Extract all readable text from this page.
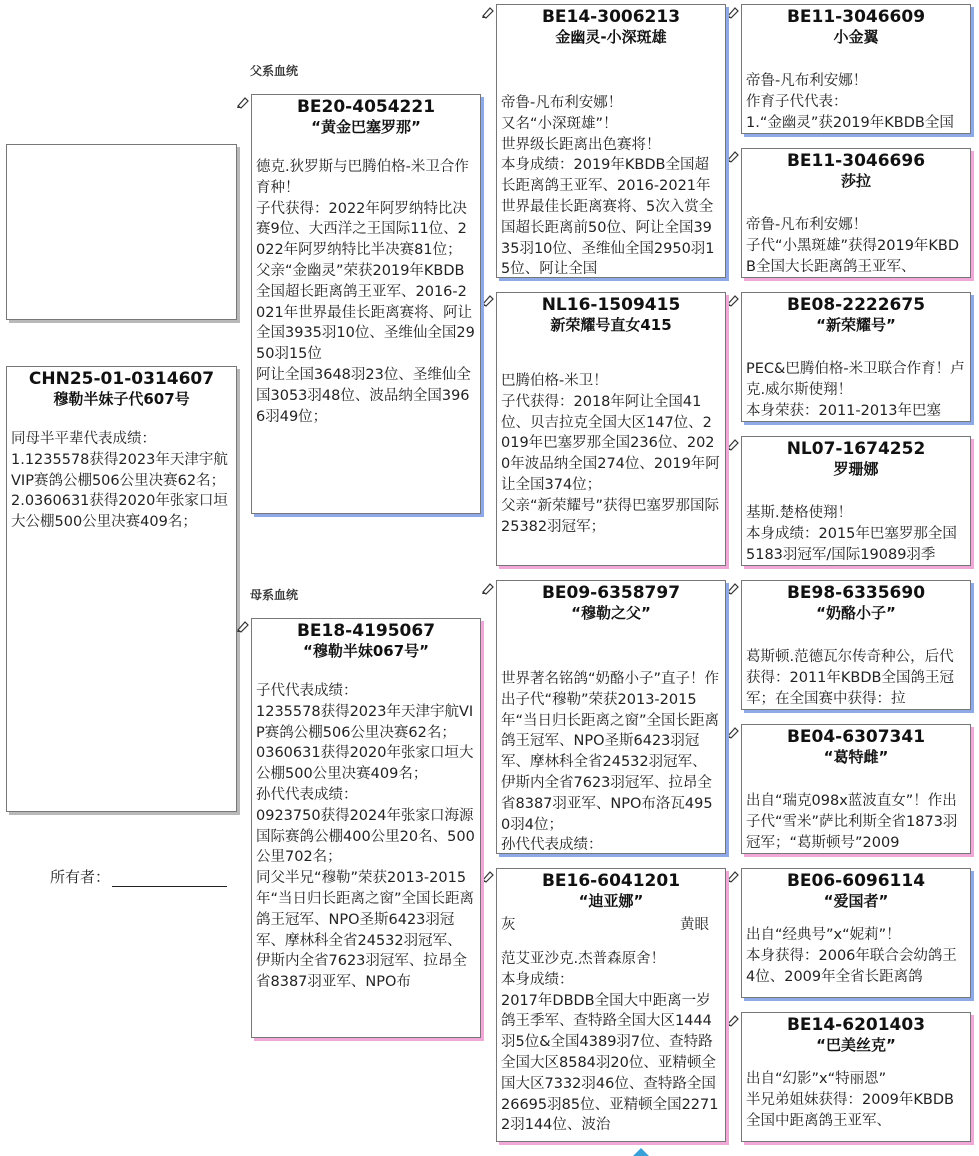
CHN25-01-0314607
穆勒半妹子代607号
同母半平辈代表成绩：
1.1235578获得2023年天津宇航VIP赛鸽公棚506公里决赛62名；
2.0360631获得2020年张家口垣大公棚500公里决赛409名；
所有者：
父系血统
母系血统
BE20-4054221
“黄金巴塞罗那”
德克.狄罗斯与巴腾伯格-米卫合作育种！
子代获得：2022年阿罗纳特比决赛9位、大西洋之王国际11位、2022年阿罗纳特比半决赛81位；
父亲“金幽灵”荣获2019年KBDB全国超长距离鸽王亚军、2016-2021年世界最佳长距离赛将、阿让全国3935羽10位、圣维仙全国2950羽15位
阿让全国3648羽23位、圣维仙全国3053羽48位、波品纳全国3966羽49位；
BE18-4195067
“穆勒半妹067号”
子代代表成绩：
1235578获得2023年天津宇航VIP赛鸽公棚506公里决赛62名；
0360631获得2020年张家口垣大公棚500公里决赛409名；
孙代代表成绩：
0923750获得2024年张家口海源国际赛鸽公棚400公里20名、500公里702名；
同父半兄“穆勒”荣获2013-2015年“当日归长距离之窗”全国长距离鸽王冠军、NPO圣斯6423羽冠军、摩林科全省24532羽冠军、伊斯内全省7623羽冠军、拉昂全省8387羽亚军、NPO布
BE14-3006213
金幽灵-小深斑雄
帝鲁-凡布利安娜！
又名“小深斑雄”！
世界级长距离出色赛将！
本身成绩：2019年KBDB全国超长距离鸽王亚军、2016-2021年世界最佳长距离赛将、5次入赏全国超长距离前50位、阿让全国3935羽10位、圣维仙全国2950羽15位、阿让全国
NL16-1509415
新荣耀号直女415
巴腾伯格-米卫！
子代获得：2018年阿让全国41位、贝吉拉克全国大区147位、2019年巴塞罗那全国236位、2020年波品纳全国274位、2019年阿让全国374位；
父亲“新荣耀号”获得巴塞罗那国际25382羽冠军；
BE09-6358797
“穆勒之父”
世界著名铭鸽“奶酪小子”直子！作出子代“穆勒”荣获2013-2015年“当日归长距离之窗”全国长距离鸽王冠军、NPO圣斯6423羽冠军、摩林科全省24532羽冠军、伊斯内全省7623羽冠军、拉昂全省8387羽亚军、NPO布洛瓦4950羽4位；
孙代代表成绩：
BE16-6041201
“迪亚娜”
灰	黄眼
范艾亚沙克.杰普森原舍！
本身成绩：
2017年DBDB全国大中距离一岁鸽王季军、查特路全国大区1444羽5位&全国4389羽7位、查特路全国大区8584羽20位、亚精顿全国大区7332羽46位、查特路全国26695羽85位、亚精顿全国22712羽144位、波治
BE11-3046609
小金翼
帝鲁-凡布利安娜！
作育子代代表：
1.“金幽灵”获2019年KBDB全国
BE11-3046696
莎拉
帝鲁-凡布利安娜！
子代“小黑斑雄”获得2019年KBDB全国大长距离鸽王亚军、
BE08-2222675
“新荣耀号”
PEC&巴腾伯格-米卫联合作育！卢克.威尔斯使翔！
本身荣获：2011-2013年巴塞
NL07-1674252
罗珊娜
基斯.楚格使翔！
本身成绩：2015年巴塞罗那全国5183羽冠军/国际19089羽季
BE98-6335690
“奶酪小子”
葛斯顿.范德瓦尔传奇种公，后代获得：2011年KBDB全国鸽王冠军；在全国赛中获得：拉
BE04-6307341
“葛特雌”
出自“瑞克098x蓝波直女”！作出子代“雪米”萨比利斯全省1873羽冠军；“葛斯顿号”2009
BE06-6096114
“爱国者”
出自“经典号”x“妮莉”！
本身获得：2006年联合会幼鸽王4位、2009年全省长距离鸽
BE14-6201403
“巴美丝克”
出自“幻影”x“特丽恩”
半兄弟姐妹获得：2009年KBDB全国中距离鸽王亚军、
